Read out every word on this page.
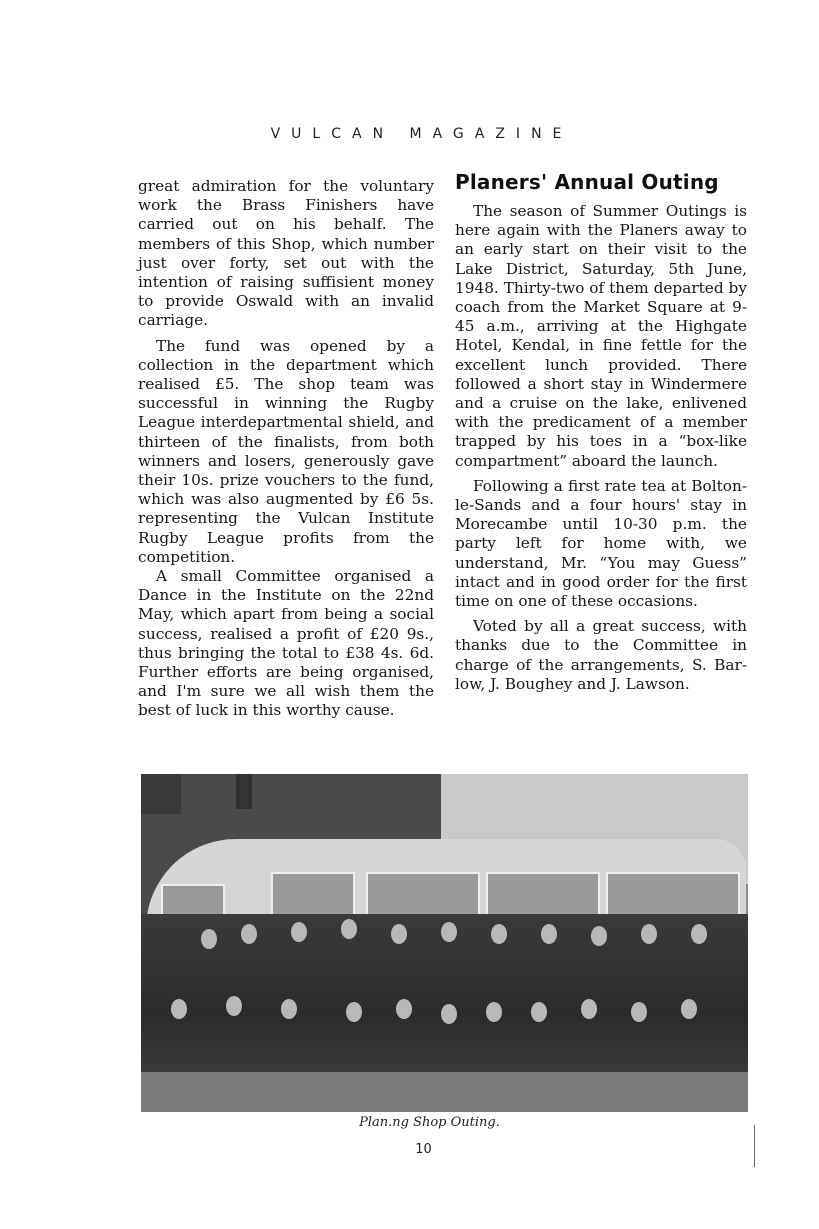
VULCAN MAGAZINE

great admiration for the voluntary work the Brass Finishers have carried out on his behalf. The members of this Shop, which number just over forty, set out with the intention of raising suffisient money to provide Oswald with an invalid carriage.

The fund was opened by a collection in the department which realised £5. The shop team was successful in winning the Rugby League interdepartmental shield, and thirteen of the finalists, from both winners and losers, generously gave their 10s. prize vouchers to the fund, which was also augmented by £6 5s. representing the Vulcan Institute Rugby League profits from the competition.

A small Committee organised a Dance in the Institute on the 22nd May, which apart from being a social success, realised a profit of £20 9s., thus bringing the total to £38 4s. 6d. Further efforts are being organised, and I'm sure we all wish them the best of luck in this worthy cause.

Planers' Annual Outing

The season of Summer Outings is here again with the Planers away to an early start on their visit to the Lake District, Saturday, 5th June, 1948. Thirty-two of them departed by coach from the Market Square at 9-45 a.m., arriving at the Highgate Hotel, Kendal, in fine fettle for the excellent lunch provided. There followed a short stay in Windermere and a cruise on the lake, enlivened with the predicament of a member trapped by his toes in a “box-like compartment” aboard the launch.

Following a first rate tea at Bolton-le-Sands and a four hours' stay in Morecambe until 10-30 p.m. the party left for home with, we understand, Mr. “You may Guess” intact and in good order for the first time on one of these occasions.

Voted by all a great success, with thanks due to the Committee in charge of the arrangements, S. Barlow, J. Boughey and J. Lawson.

Plan.ng Shop Outing.
10
